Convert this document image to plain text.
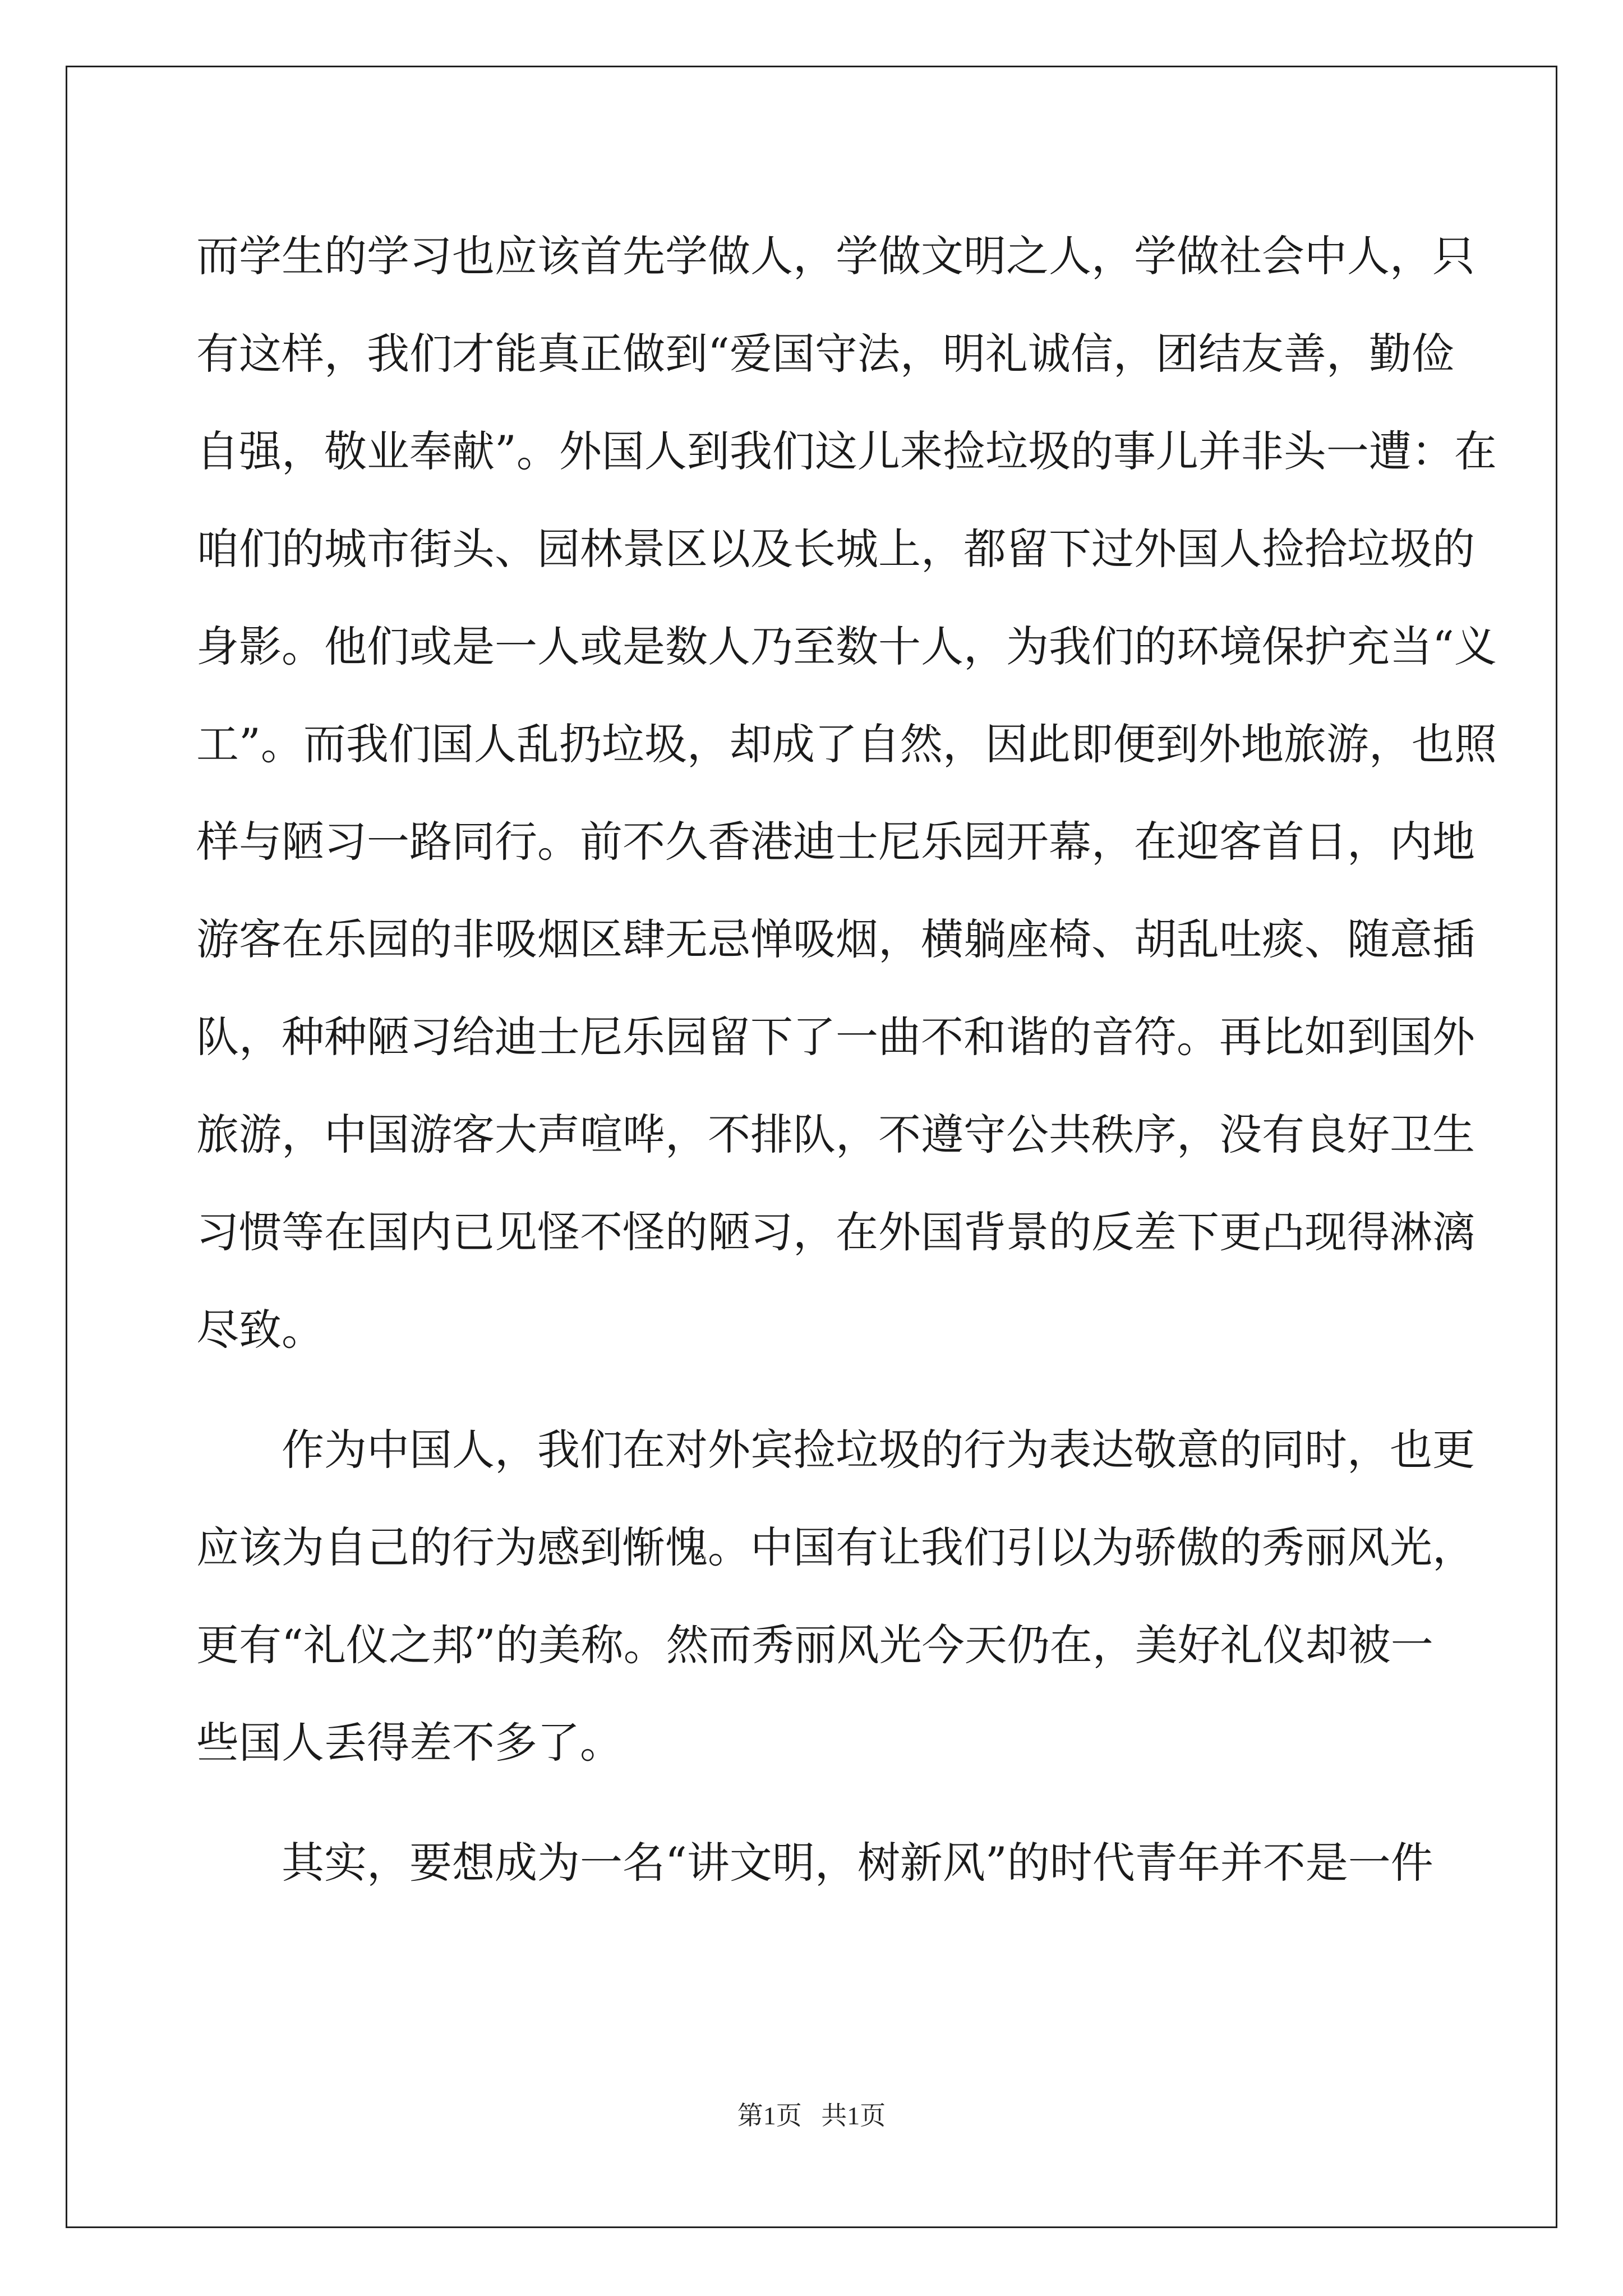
而学生的学习也应该首先学做人，学做文明之人，学做社会中人，只
有这样，我们才能真正做到“爱国守法，明礼诚信，团结友善，勤俭
自强，敬业奉献”。外国人到我们这儿来捡垃圾的事儿并非头一遭：在
咱们的城市街头、园林景区以及长城上，都留下过外国人捡拾垃圾的
身影。他们或是一人或是数人乃至数十人，为我们的环境保护充当“义
工”。而我们国人乱扔垃圾，却成了自然，因此即便到外地旅游，也照
样与陋习一路同行。前不久香港迪士尼乐园开幕，在迎客首日，内地
游客在乐园的非吸烟区肆无忌惮吸烟，横躺座椅、胡乱吐痰、随意插
队，种种陋习给迪士尼乐园留下了一曲不和谐的音符。再比如到国外
旅游，中国游客大声喧哗，不排队，不遵守公共秩序，没有良好卫生
习惯等在国内已见怪不怪的陋习，在外国背景的反差下更凸现得淋漓
尽致。
作为中国人，我们在对外宾捡垃圾的行为表达敬意的同时，也更
应该为自己的行为感到惭愧。中国有让我们引以为骄傲的秀丽风光，
更有“礼仪之邦”的美称。然而秀丽风光今天仍在，美好礼仪却被一
些国人丢得差不多了。
其实，要想成为一名“讲文明，树新风”的时代青年并不是一件
第1页   共1页
